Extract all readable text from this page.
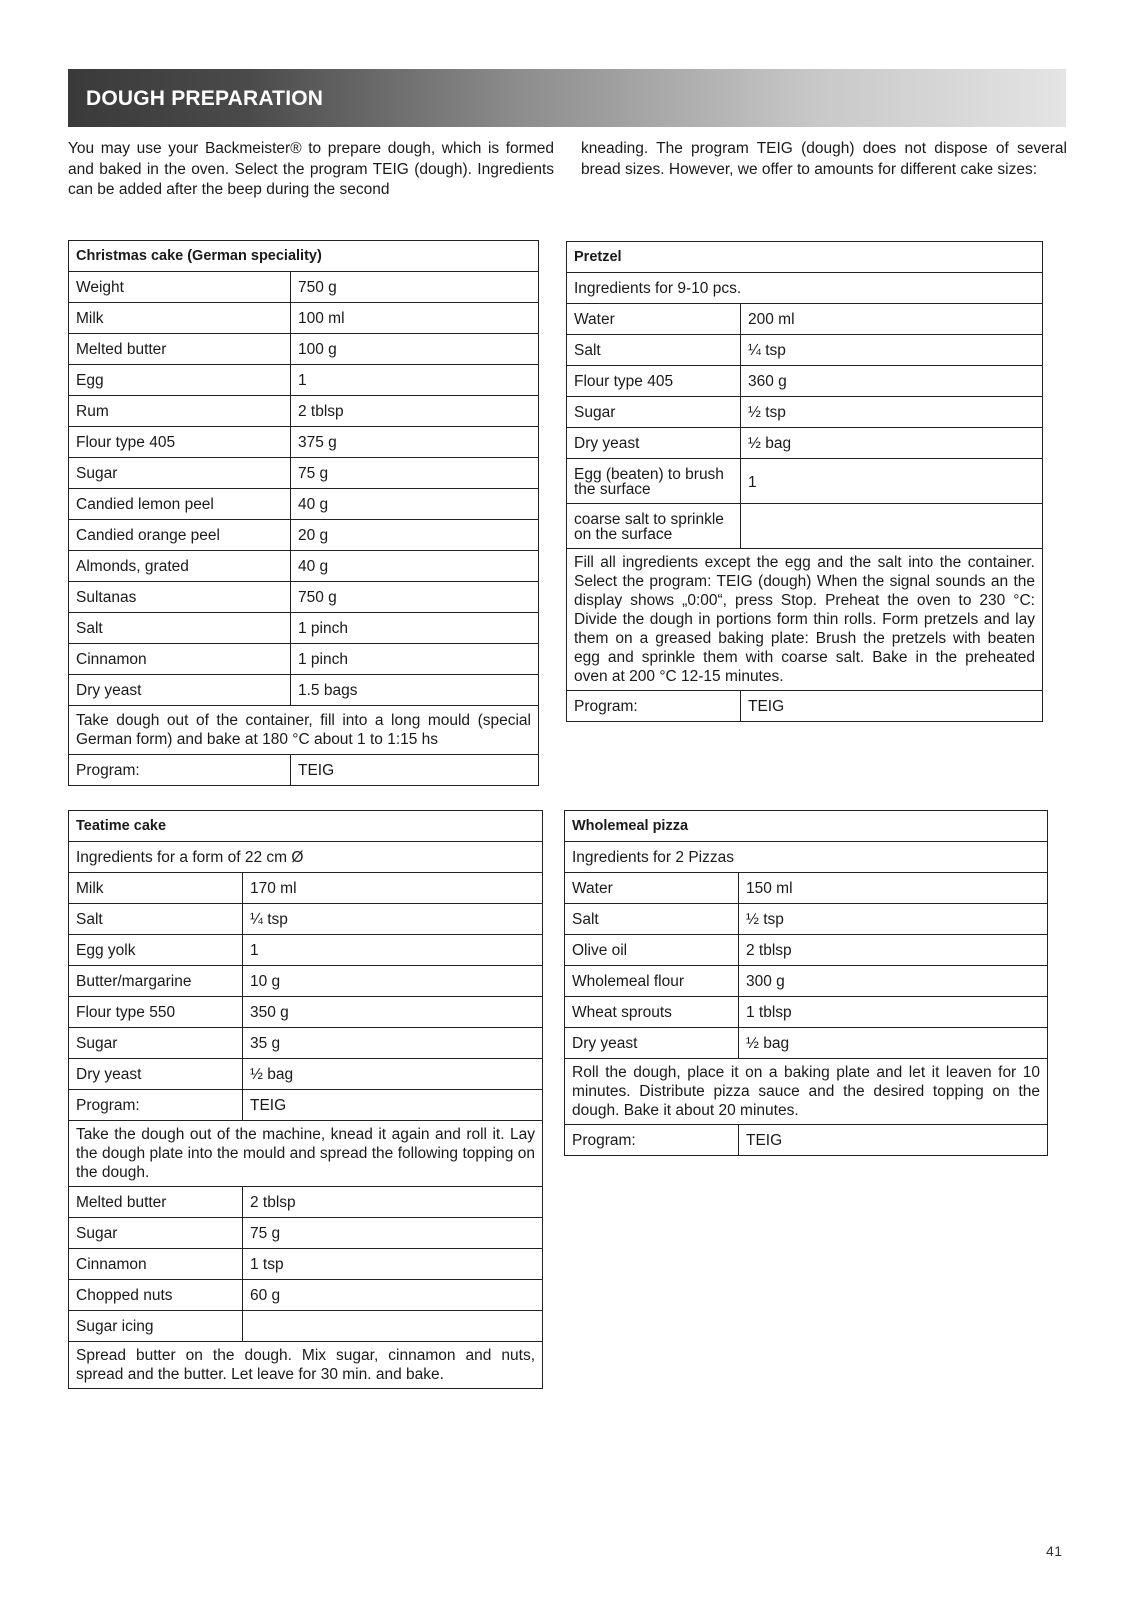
DOUGH PREPARATION
You may use your Backmeister® to prepare dough, which is formed and baked in the oven. Select the program TEIG (dough). Ingredients can be added after the beep during the second
kneading. The program TEIG (dough) does not dispose of several bread sizes. However, we offer to amounts for different cake sizes:
Christmas cake (German speciality)	
Weight	750 g
Milk	100 ml
Melted butter	100 g
Egg	1
Rum	2 tblsp
Flour type 405	375 g
Sugar	75 g
Candied lemon peel	40 g
Candied orange peel	20 g
Almonds, grated	40 g
Sultanas	750 g
Salt	1 pinch
Cinnamon	1 pinch
Dry yeast	1.5 bags
Take dough out of the container, fill into a long mould (special German form) and bake at 180 °C about 1 to 1:15 hs	
Program:	TEIG
Pretzel	
Ingredients for 9-10 pcs.	
Water	200 ml
Salt	¼ tsp
Flour type 405	360 g
Sugar	½ tsp
Dry yeast	½ bag
Egg (beaten) to brush the surface	1
coarse salt to sprinkle on the surface	
Fill all ingredients except the egg and the salt into the container. Select the program: TEIG (dough) When the signal sounds an the display shows „0:00“, press Stop. Preheat the oven to 230 °C: Divide the dough in portions form thin rolls. Form pretzels and lay them on a greased baking plate: Brush the pretzels with beaten egg and sprinkle them with coarse salt. Bake in the preheated oven at 200 °C 12-15 minutes.	
Program:	TEIG
Teatime cake	
Ingredients for a form of 22 cm Ø	
Milk	170 ml
Salt	¼ tsp
Egg yolk	1
Butter/margarine	10 g
Flour type 550	350 g
Sugar	35 g
Dry yeast	½ bag
Program:	TEIG
Take the dough out of the machine, knead it again and roll it. Lay the dough plate into the mould and spread the following topping on the dough.	
Melted butter	2 tblsp
Sugar	75 g
Cinnamon	1 tsp
Chopped nuts	60 g
Sugar icing	
Spread butter on the dough. Mix sugar, cinnamon and nuts, spread and the butter. Let leave for 30 min. and bake.	
Wholemeal pizza	
Ingredients for 2 Pizzas	
Water	150 ml
Salt	½ tsp
Olive oil	2 tblsp
Wholemeal flour	300 g
Wheat sprouts	1 tblsp
Dry yeast	½ bag
Roll the dough, place it on a baking plate and let it leaven for 10 minutes. Distribute pizza sauce and the desired topping on the dough. Bake it about 20 minutes.	
Program:	TEIG
41
